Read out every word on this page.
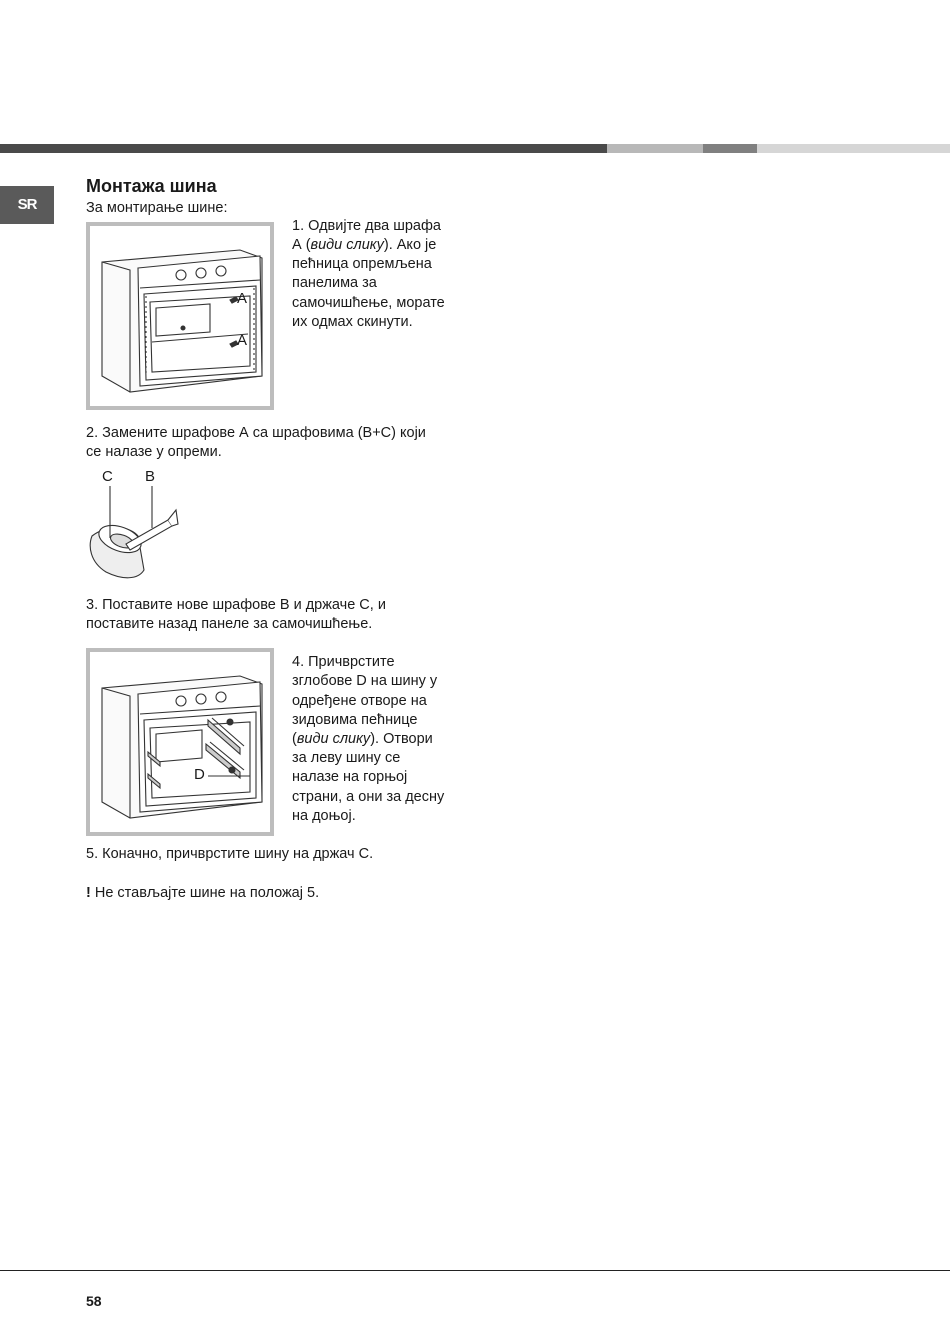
SR
Монтажа шина

За монтирање шине:

A
A

1. Одвијте два шрафа

А (види слику). Ако је

пећница опремљена

панелима за

самочишћење, морате

их одмах скинути.

2. Замените шрафове А са шрафовима (B+C) који

се налазе у опреми.

C B

3. Поставите нове шрафове B и држаче C, и

поставите назад панеле за самочишћење.

D

4. Причврстите

зглобове D на шину у

одређене отворе на

зидовима пећнице

(види слику). Отвори

за леву шину се

налазе на горњој

страни, а они за десну

на доњој.

5. Коначно, причврстите шину на држач C.

! Не стављајте шине на положај 5.

58
